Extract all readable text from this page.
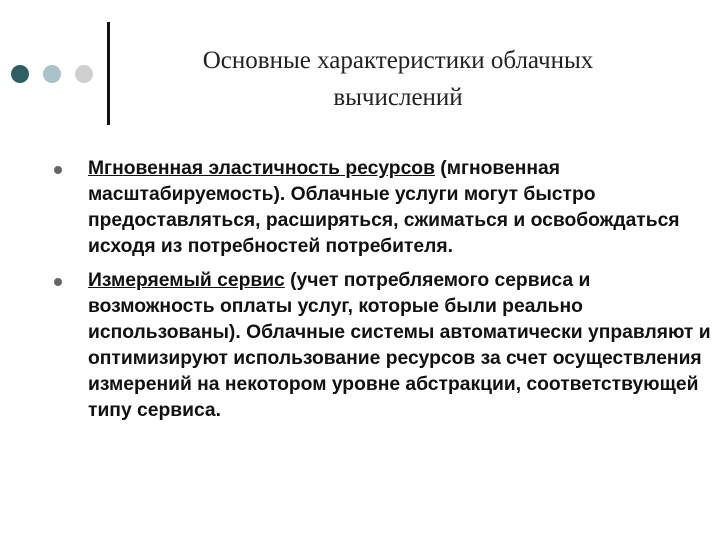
Основные характеристики облачных
вычислений
Мгновенная эластичность ресурсов (мгновенная масштабируемость). Облачные услуги могут быстро предоставляться, расширяться, сжиматься и освобождаться исходя из потребностей потребителя.
Измеряемый сервис (учет потребляемого сервиса и возможность оплаты услуг, которые были реально использованы). Облачные системы автоматически управляют и оптимизируют использование ресурсов за счет осуществления измерений на некотором уровне абстракции, соответствующей типу сервиса.
